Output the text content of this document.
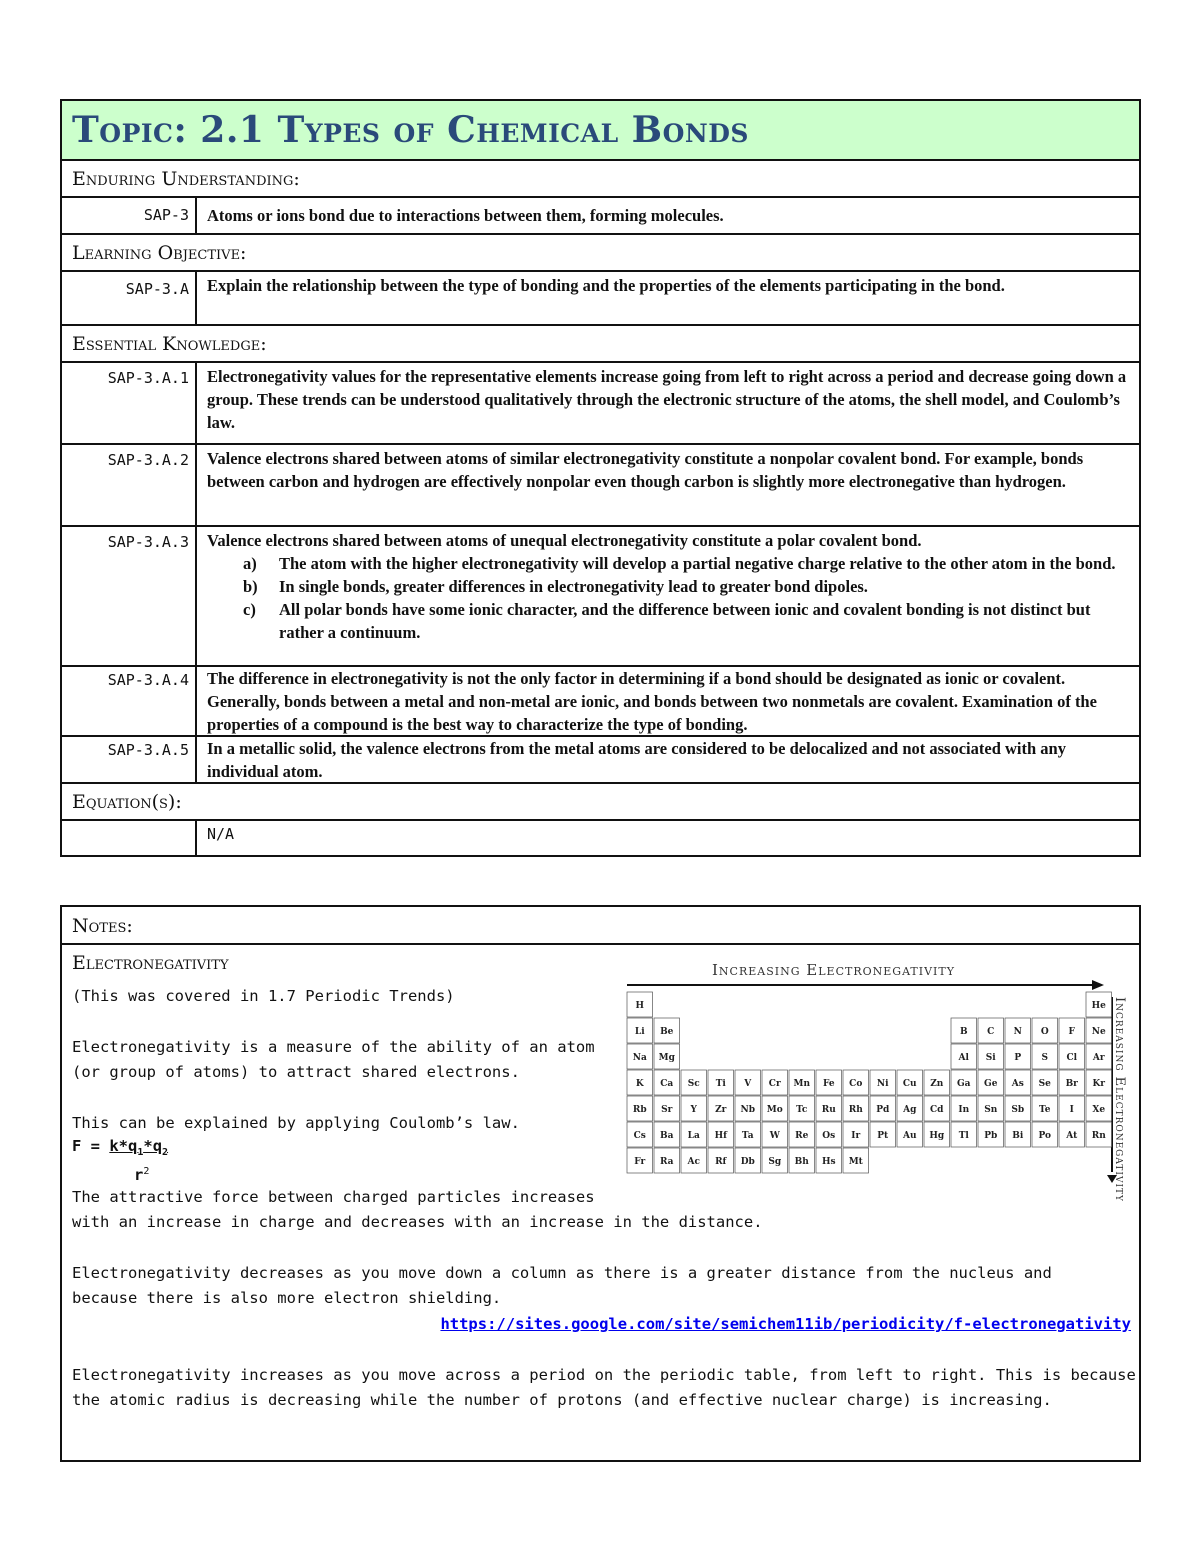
Topic: 2.1 Types of Chemical Bonds
Enduring Understanding:
SAP-3 Atoms or ions bond due to interactions between them, forming molecules.
Learning Objective:
SAP-3.A Explain the relationship between the type of bonding and the properties of the elements participating in the bond.
Essential Knowledge:
SAP-3.A.1 Electronegativity values for the representative elements increase going from left to right across a period and decrease going down a group. These trends can be understood qualitatively through the electronic structure of the atoms, the shell model, and Coulomb’s law.
SAP-3.A.2 Valence electrons shared between atoms of similar electronegativity constitute a nonpolar covalent bond. For example, bonds between carbon and hydrogen are effectively nonpolar even though carbon is slightly more electronegative than hydrogen.
SAP-3.A.3 Valence electrons shared between atoms of unequal electronegativity constitute a polar covalent bond.
a) The atom with the higher electronegativity will develop a partial negative charge relative to the other atom in the bond.
b) In single bonds, greater differences in electronegativity lead to greater bond dipoles.
c) All polar bonds have some ionic character, and the difference between ionic and covalent bonding is not distinct but rather a continuum.
SAP-3.A.4 The difference in electronegativity is not the only factor in determining if a bond should be designated as ionic or covalent. Generally, bonds between a metal and non-metal are ionic, and bonds between two nonmetals are covalent. Examination of the properties of a compound is the best way to characterize the type of bonding.
SAP-3.A.5 In a metallic solid, the valence electrons from the metal atoms are considered to be delocalized and not associated with any individual atom.
Equation(s):
N/A
Notes:
Electronegativity
(This was covered in 1.7 Periodic Trends)
Electronegativity is a measure of the ability of an atom
(or group of atoms) to attract shared electrons.
This can be explained by applying Coulomb’s law.
$F = k*q_1*q_2$
$r^2$
The attractive force between charged particles increases
with an increase in charge and decreases with an increase in the distance.
Electronegativity decreases as you move down a column as there is a greater distance from the nucleus and
because there is also more electron shielding.
https://sites.google.com/site/semichem11ib/periodicity/f-electronegativity
Electronegativity increases as you move across a period on the periodic table, from left to right. This is because
the atomic radius is decreasing while the number of protons (and effective nuclear charge) is increasing.
Increasing Electronegativity
Increasing Electronegativity
H	He
Li Be	B C N O F Ne
Na Mg	Al Si P S Cl Ar
K Ca Sc Ti V Cr Mn Fe Co Ni Cu Zn Ga Ge As Se Br Kr
Rb Sr Y Zr Nb Mo Tc Ru Rh Pd Ag Cd In Sn Sb Te I Xe
Cs Ba La Hf Ta W Re Os Ir Pt Au Hg Tl Pb Bi Po At Rn
Fr Ra Ac Rf Db Sg Bh Hs Mt
